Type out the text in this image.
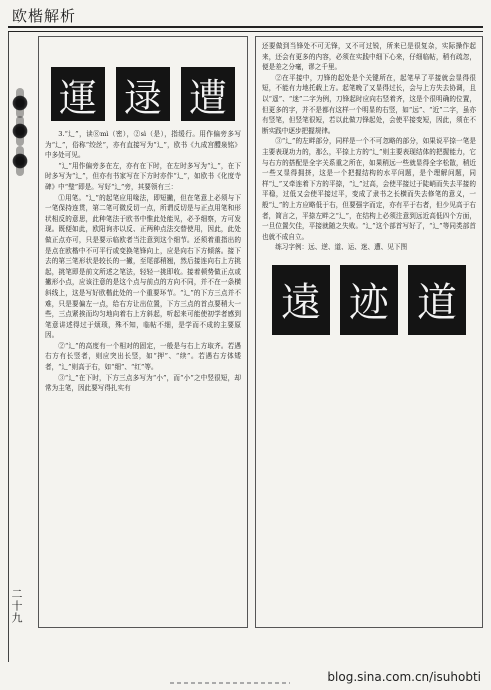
欧楷解析
二十九
運 逯 遭

3.“辶”，读⑧mì（密），②sì（是），指缓行。用作偏旁多写为“辶”，俗称“绞丝”，亦有直接写为“辶”，欧书《九成宫醴泉铭》中多处可见。

“辶”用作偏旁多在左，亦有在下时，在左时多写为“辶”，在下时多写为“辶”，但亦有书家写在下方时亦作“辶”，如欧书《化度寺碑》中“璧”即是。写好“辶”旁，其要领有三：

①用笔。“辶”的起笔应用喙法，即短撇，但在笔意上必须与下一笔保持连贯，第二笔可微反切一点，所谓反切是与正点用笔和形状相反的意思，此种笔法于欧书中惟此处能见，必予细察，方可发现。既便如此，欧阳询亦以反、正两种点法交替使用，因此，此处做正点亦可，只是要示临欧者当注意到这个细节。还须着重指出的是点在欧楷中不可平行或变换笔锋向上，应是向右下方倾落。接下去的第三笔形状是较长的一撇，至尾部稍翘，然后接连向右上方挑起，挑笔即是前文所述之笔法，轻轻一挑即收。接着顿势做正点或撇形小点，应该注意的是这个点与前点的方向不同，并不在一条横斜线上，这是写好欧楷此处的一个重要环节。“辶”的下方三点并不难，只是要偏左一点，给右方让出位置，下方三点的首点要稍大一些，三点紧挨而均匀地向着右上方斜起，听起来可能使初学者感到笔意讲述得过于烦琐，殊不知，临帖不细，是学而不成的主要原因。

②“辶”的高度有一个相对的固定，一般是与右上方取齐。若遇右方有长竖者，则应突出长竖，如“押”、“续”。若遇右方体矮者，“辶”则高于右，如“细”、“红”等。

③“辶”在下时，下方三点多写为“小”，而“小”之中竖很短，却常为主笔，因此要写得扎实有

还要做到当锋处不可无锋，又不可过锐，所来已是很复杂，实际操作起来，还会有更多的内容，必须在实践中细下心来，仔细临帖，稍有疏忽，便是差之分毫，谬之千里。

②在平接中，刀锋的起处是个关键所在，起笔早了平接就会显得很短，不能有力地托载上方。起笔晚了又显得过长，会与上方失去协调，且以“遥”、“迷”二字为例，刀锋起时应向右竖着齐，这是个很明确的位置，但更多的字，并不是都有这样一个明显的右竖，如“远”、“近”二字，虽亦有竖笔，但竖笔很短，若以此做刀锋起处，会使平接变短，因此，须在不断实践中逐步把握规律。

③“辶”的左畔部分，同样是一个不可忽略的部分，如果说平捺一笔是主要表现功力的，那么，平捺上方的“辶”则主要表现结体的把握能力，它与右方的搭配是全字关系重之所在，如果稍远一些就显得全字松散，稍近一些又显得拥挤，这是一个把握结构的水平问题，是个理解问题，同样“辶”又牵连着下方的平捺，“辶”过高，会使平接过于陡峭而失去平接的平稳，过低又会使平接过平，变成了隶书之长横而失去修笔的意义，一般“辶”的上方应略低于右，但要强字而定，亦有平于右者，但少见高于右者，简言之，平捺左畔之“辶”，在结构上必须注意到远近高低四个方面，一旦位置欠佳，平接就随之失败。“辶”这个部首写好了，“辶”等同类部首也就不成自立。

练习字例：远、逆、道、运、迷、遭、见下图

遠 迹 道
blog.sina.com.cn/isuhobti
